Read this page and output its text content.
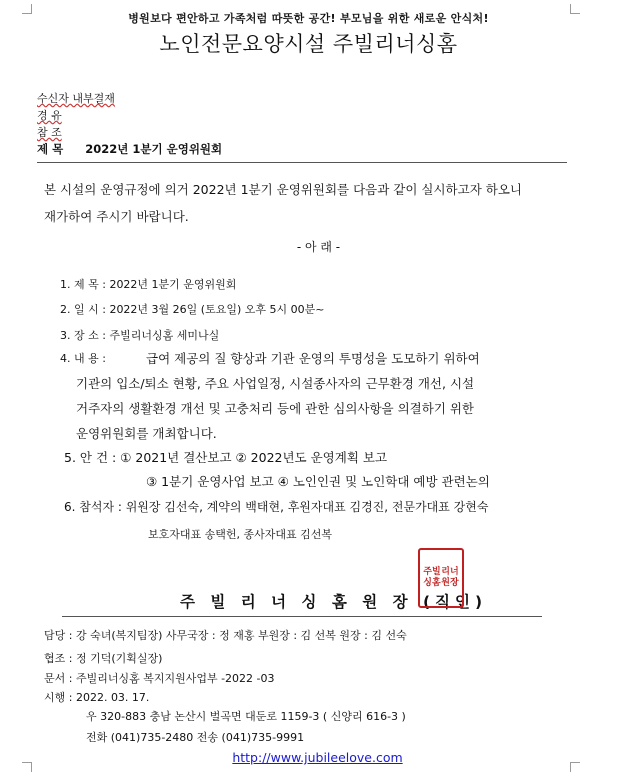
병원보다 편안하고 가족처럼 따뜻한 공간! 부모님을 위한 새로운 안식처!
노인전문요양시설 주빌리너싱홈
수신자 내부결재
경 유
참 조
제 목 2022년 1분기 운영위원회
본 시설의 운영규정에 의거 2022년 1분기 운영위원회를 다음과 같이 실시하고자 하오니
재가하여 주시기 바랍니다.
- 아 래 -
1. 제 목 : 2022년 1분기 운영위원회
2. 일 시 : 2022년 3월 26일 (토요일) 오후 5시 00분~
3. 장 소 : 주빌리너싱홈 세미나실
4. 내 용 :	급여 제공의 질 향상과 기관 운영의 투명성을 도모하기 위하여
기관의 입소/퇴소 현황, 주요 사업일정, 시설종사자의 근무환경 개선, 시설
거주자의 생활환경 개선 및 고충처리 등에 관한 심의사항을 의결하기 위한
운영위원회를 개최합니다.
5. 안 건 : ① 2021년 결산보고 ② 2022년도 운영계획 보고
③ 1분기 운영사업 보고 ④ 노인인권 및 노인학대 예방 관련논의
6. 참석자 : 위원장 김선숙, 계약의 백태현, 후원자대표 김경진, 전문가대표 강현숙
보호자대표 송택헌, 종사자대표 김선복
주 빌 리 너 싱 홈 원 장 (직인)
주빌 리너
싱홈 원장
담당 : 강 숙녀(복지팀장) 사무국장 : 정 재홍 부원장 : 김 선복 원장 : 김 선숙
협조 : 정 기덕(기획실장)
문서 : 주빌리너싱홈 복지지원사업부 -2022 -03
시행 : 2022. 03. 17.
우 320-883 충남 논산시 벌곡면 대둔로 1159-3 ( 신양리 616-3 )
전화 (041)735-2480 전송 (041)735-9991
http://www.jubileelove.com
